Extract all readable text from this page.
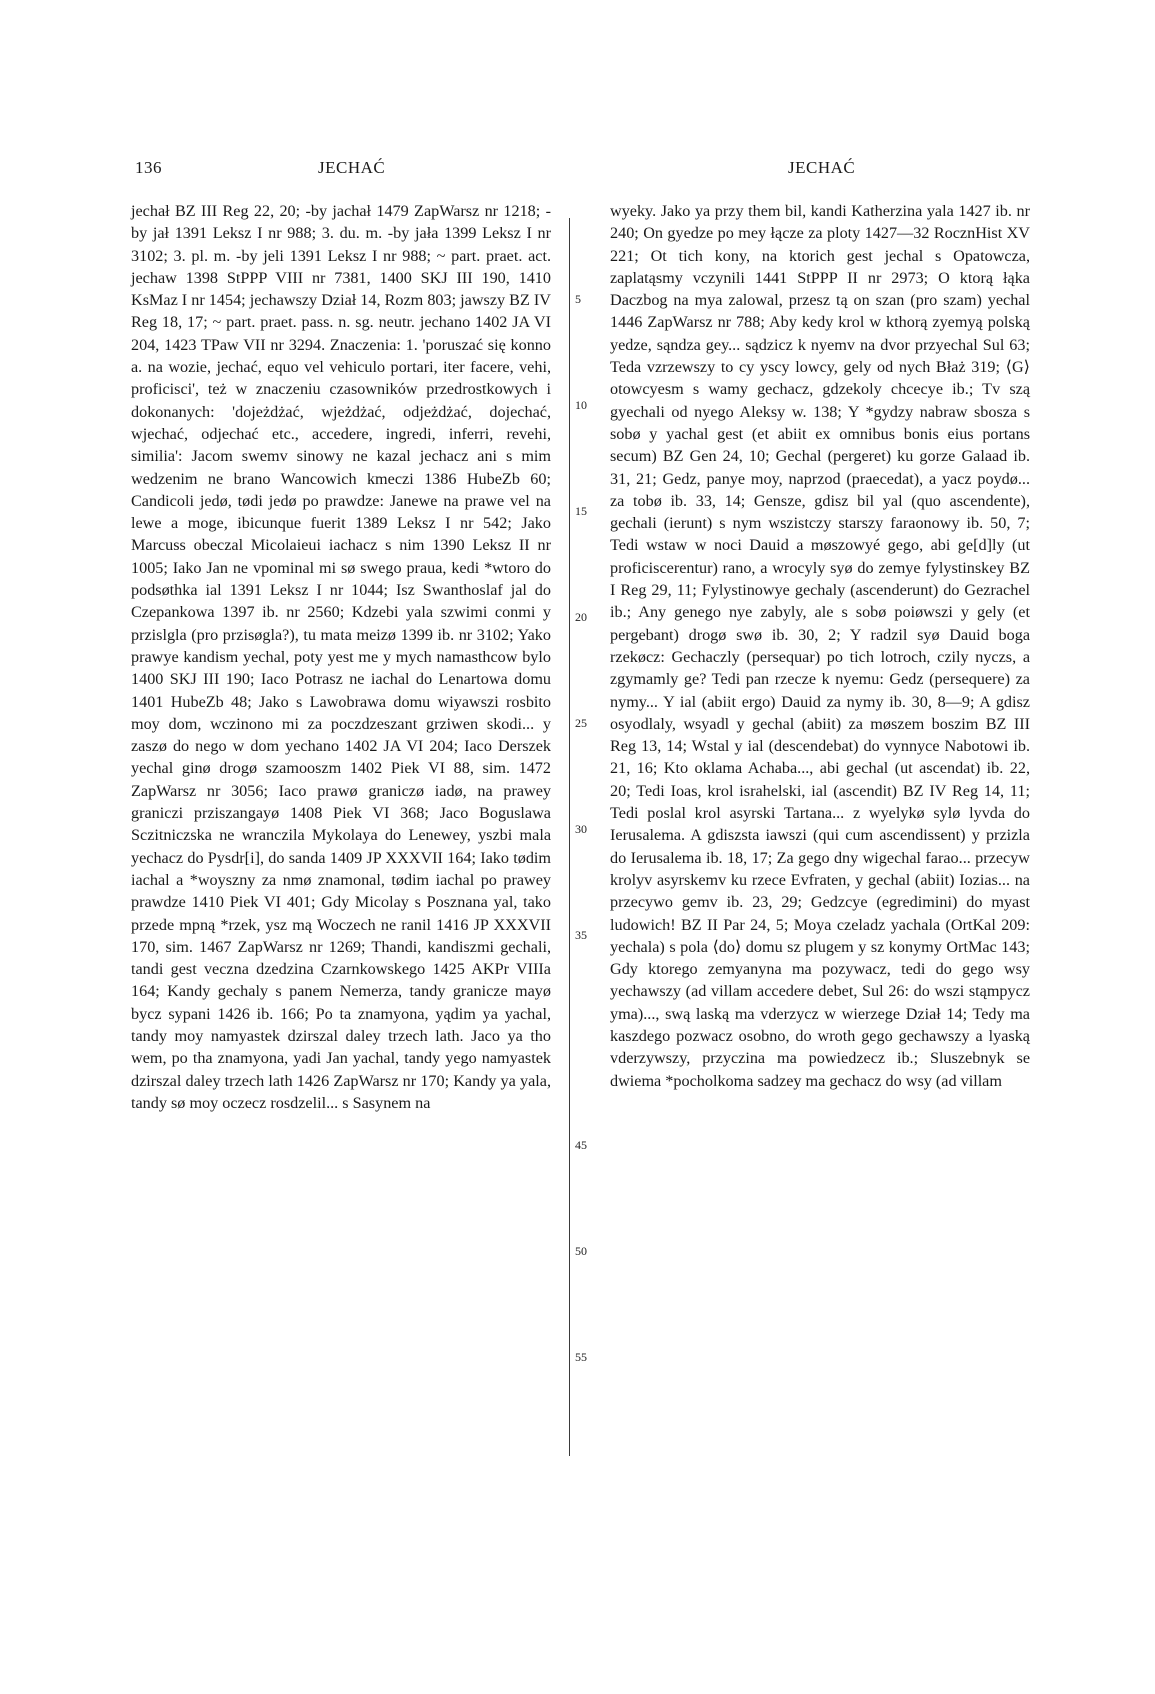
136	JECHAĆ	JECHAĆ

jechał BZ III Reg 22, 20; -by jachał 1479 ZapWarsz nr 1218; -by jał 1391 Leksz I nr 988; 3. du. m. -by jała 1399 Leksz I nr 3102; 3. pl. m. -by jeli 1391 Leksz I nr 988; ~ part. praet. act. jechaw 1398 StPPP VIII nr 7381, 1400 SKJ III 190, 1410 KsMaz I nr 1454; jechawszy Dział 14, Rozm 803; jawszy BZ IV Reg 18, 17; ~ part. praet. pass. n. sg. neutr. jechano 1402 JA VI 204, 1423 TPaw VII nr 3294. Znaczenia: 1. 'poruszać się konno a. na wozie, jechać, equo vel vehiculo portari, iter facere, vehi, proficisci', też w znaczeniu czasowników przedrostkowych i dokonanych: 'dojeżdżać, wjeżdżać, odjeżdżać, dojechać, wjechać, odjechać etc., accedere, ingredi, inferri, revehi, similia': Jacom swemv sinowy ne kazal jechacz ani s mim wedzenim ne brano Wancowich kmeczi 1386 HubeZb 60; Candicoli jedø, tødi jedø po prawdze: Janewe na prawe vel na lewe a moge, ibicunque fuerit 1389 Leksz I nr 542; Jako Marcuss obeczal Micolaieui iachacz s nim 1390 Leksz II nr 1005; Iako Jan ne vpominal mi sø swego praua, kedi *wtoro do podsøthka ial 1391 Leksz I nr 1044; Isz Swanthoslaf jal do Czepankowa 1397 ib. nr 2560; Kdzebi yala szwimi conmi y przislgla (pro przisøgla?), tu mata meizø 1399 ib. nr 3102; Yako prawye kandism yechal, poty yest me y mych namasthcow bylo 1400 SKJ III 190; Iaco Potrasz ne iachal do Lenartowa domu 1401 HubeZb 48; Jako s Lawobrawa domu wiyawszi rosbito moy dom, wczinono mi za poczdzeszant grziwen skodi... y zaszø do nego w dom yechano 1402 JA VI 204; Iaco Derszek yechal ginø drogø szamooszm 1402 Piek VI 88, sim. 1472 ZapWarsz nr 3056; Iaco prawø graniczø iadø, na prawey graniczi prziszangayø 1408 Piek VI 368; Jaco Boguslawa Sczitniczska ne wranczila Mykolaya do Lenewey, yszbi mala yechacz do Pysdr[i], do sanda 1409 JP XXXVII 164; Iako tødim iachal a *woyszny za nmø znamonal, tødim iachal po prawey prawdze 1410 Piek VI 401; Gdy Micolay s Posznana yal, tako przede mpną *rzek, ysz mą Woczech ne ranil 1416 JP XXXVII 170, sim. 1467 ZapWarsz nr 1269; Thandi, kandiszmi gechali, tandi gest veczna dzedzina Czarnkowskego 1425 AKPr VIIIa 164; Kandy gechaly s panem Nemerza, tandy granicze mayø bycz sypani 1426 ib. 166; Po ta znamyona, yądim ya yachal, tandy moy namyastek dzirszal daley trzech lath. Jaco ya tho wem, po tha znamyona, yadi Jan yachal, tandy yego namyastek dzirszal daley trzech lath 1426 ZapWarsz nr 170; Kandy ya yala, tandy sø moy oczecz rosdzelil... s Sasynem na

5
10
15
20
25
30
35
45
50
55

wyeky. Jako ya przy them bil, kandi Katherzina yala 1427 ib. nr 240; On gyedze po mey łącze za ploty 1427—32 RocznHist XV 221; Ot tich kony, na ktorich gest jechal s Opatowcza, zaplatąsmy vczynili 1441 StPPP II nr 2973; O ktorą łąka Daczbog na mya zalowal, przesz tą on szan (pro szam) yechal 1446 ZapWarsz nr 788; Aby kedy krol w kthorą zyemyą polską yedze, sąndza gey... sądzicz k nyemv na dvor przyechal Sul 63; Teda vzrzewszy to cy yscy lowcy, gely od nych Błaż 319; ⟨G⟩otowcyesm s wamy gechacz, gdzekoly chcecye ib.; Tv szą gyechali od nyego Aleksy w. 138; Y *gydzy nabraw sbosza s sobø y yachal gest (et abiit ex omnibus bonis eius portans secum) BZ Gen 24, 10; Gechal (pergeret) ku gorze Galaad ib. 31, 21; Gedz, panye moy, naprzod (praecedat), a yacz poydø... za tobø ib. 33, 14; Gensze, gdisz bil yal (quo ascendente), gechali (ierunt) s nym wszistczy starszy faraonowy ib. 50, 7; Tedi wstaw w noci Dauid a møszowyé gego, abi ge[d]ly (ut proficiscerentur) rano, a wrocyly syø do zemye fylystinskey BZ I Reg 29, 11; Fylystinowye gechaly (ascenderunt) do Gezrachel ib.; Any genego nye zabyly, ale s sobø poiøwszi y gely (et pergebant) drogø swø ib. 30, 2; Y radzil syø Dauid boga rzekøcz: Gechaczly (persequar) po tich lotroch, czily nyczs, a zgymamly ge? Tedi pan rzecze k nyemu: Gedz (persequere) za nymy... Y ial (abiit ergo) Dauid za nymy ib. 30, 8—9; A gdisz osyodlaly, wsyadl y gechal (abiit) za møszem boszim BZ III Reg 13, 14; Wstal y ial (descendebat) do vynnyce Nabotowi ib. 21, 16; Kto oklama Achaba..., abi gechal (ut ascendat) ib. 22, 20; Tedi Ioas, krol israhelski, ial (ascendit) BZ IV Reg 14, 11; Tedi poslal krol asyrski Tartana... z wyelykø sylø lyvda do Ierusalema. A gdiszsta iawszi (qui cum ascendissent) y przizla do Ierusalema ib. 18, 17; Za gego dny wigechal farao... przecyw krolyv asyrskemv ku rzece Evfraten, y gechal (abiit) Iozias... na przecywo gemv ib. 23, 29; Gedzcye (egredimini) do myast ludowich! BZ II Par 24, 5; Moya czeladz yachala (OrtKal 209: yechala) s pola ⟨do⟩ domu sz plugem y sz konymy OrtMac 143; Gdy ktorego zemyanyna ma pozywacz, tedi do gego wsy yechawszy (ad villam accedere debet, Sul 26: do wszi stąmpycz yma)..., swą laską ma vderzycz w wierzege Dział 14; Tedy ma kaszdego pozwacz osobno, do wroth gego gechawszy a lyaską vderzywszy, przyczina ma powiedzecz ib.; Sluszebnyk se dwiema *pocholkoma sadzey ma gechacz do wsy (ad villam
